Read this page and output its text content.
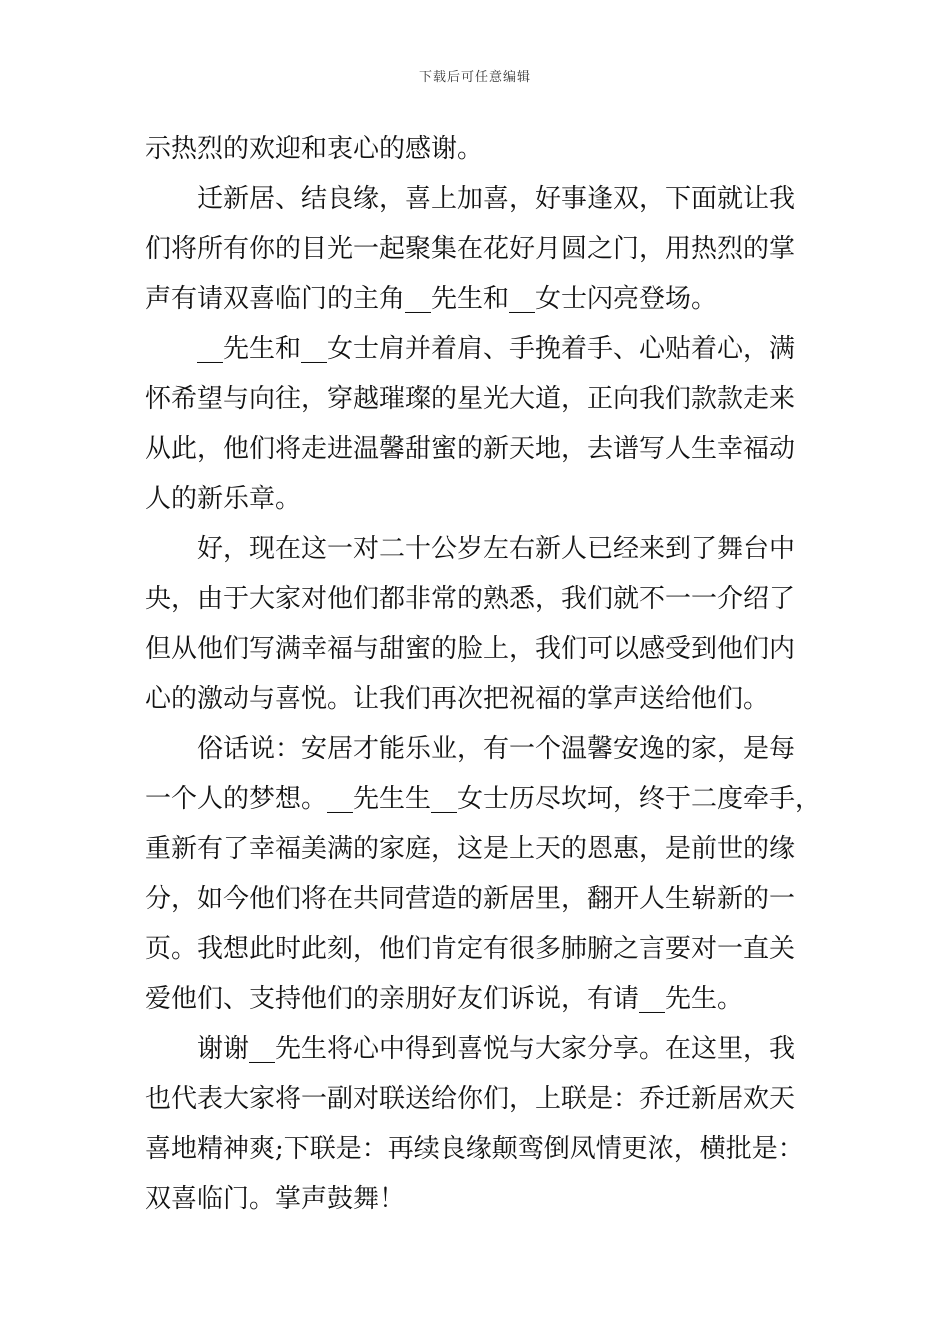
下载后可任意编辑
示热烈的欢迎和衷心的感谢。
迁新居、结良缘，喜上加喜，好事逢双，下面就让我
们将所有你的目光一起聚集在花好月圆之门，用热烈的掌
声有请双喜临门的主角__先生和__女士闪亮登场。
__先生和__女士肩并着肩、手挽着手、心贴着心，满
怀希望与向往，穿越璀璨的星光大道，正向我们款款走来
从此，他们将走进温馨甜蜜的新天地，去谱写人生幸福动
人的新乐章。
好，现在这一对二十公岁左右新人已经来到了舞台中
央，由于大家对他们都非常的熟悉，我们就不一一介绍了
但从他们写满幸福与甜蜜的脸上，我们可以感受到他们内
心的激动与喜悦。让我们再次把祝福的掌声送给他们。
俗话说：安居才能乐业，有一个温馨安逸的家，是每
一个人的梦想。__先生生__女士历尽坎坷，终于二度牵手，
重新有了幸福美满的家庭，这是上天的恩惠，是前世的缘
分，如今他们将在共同营造的新居里，翻开人生崭新的一
页。我想此时此刻，他们肯定有很多肺腑之言要对一直关
爱他们、支持他们的亲朋好友们诉说，有请__先生。
谢谢__先生将心中得到喜悦与大家分享。在这里，我
也代表大家将一副对联送给你们，上联是：乔迁新居欢天
喜地精神爽;下联是：再续良缘颠鸾倒凤情更浓，横批是：
双喜临门。掌声鼓舞！
